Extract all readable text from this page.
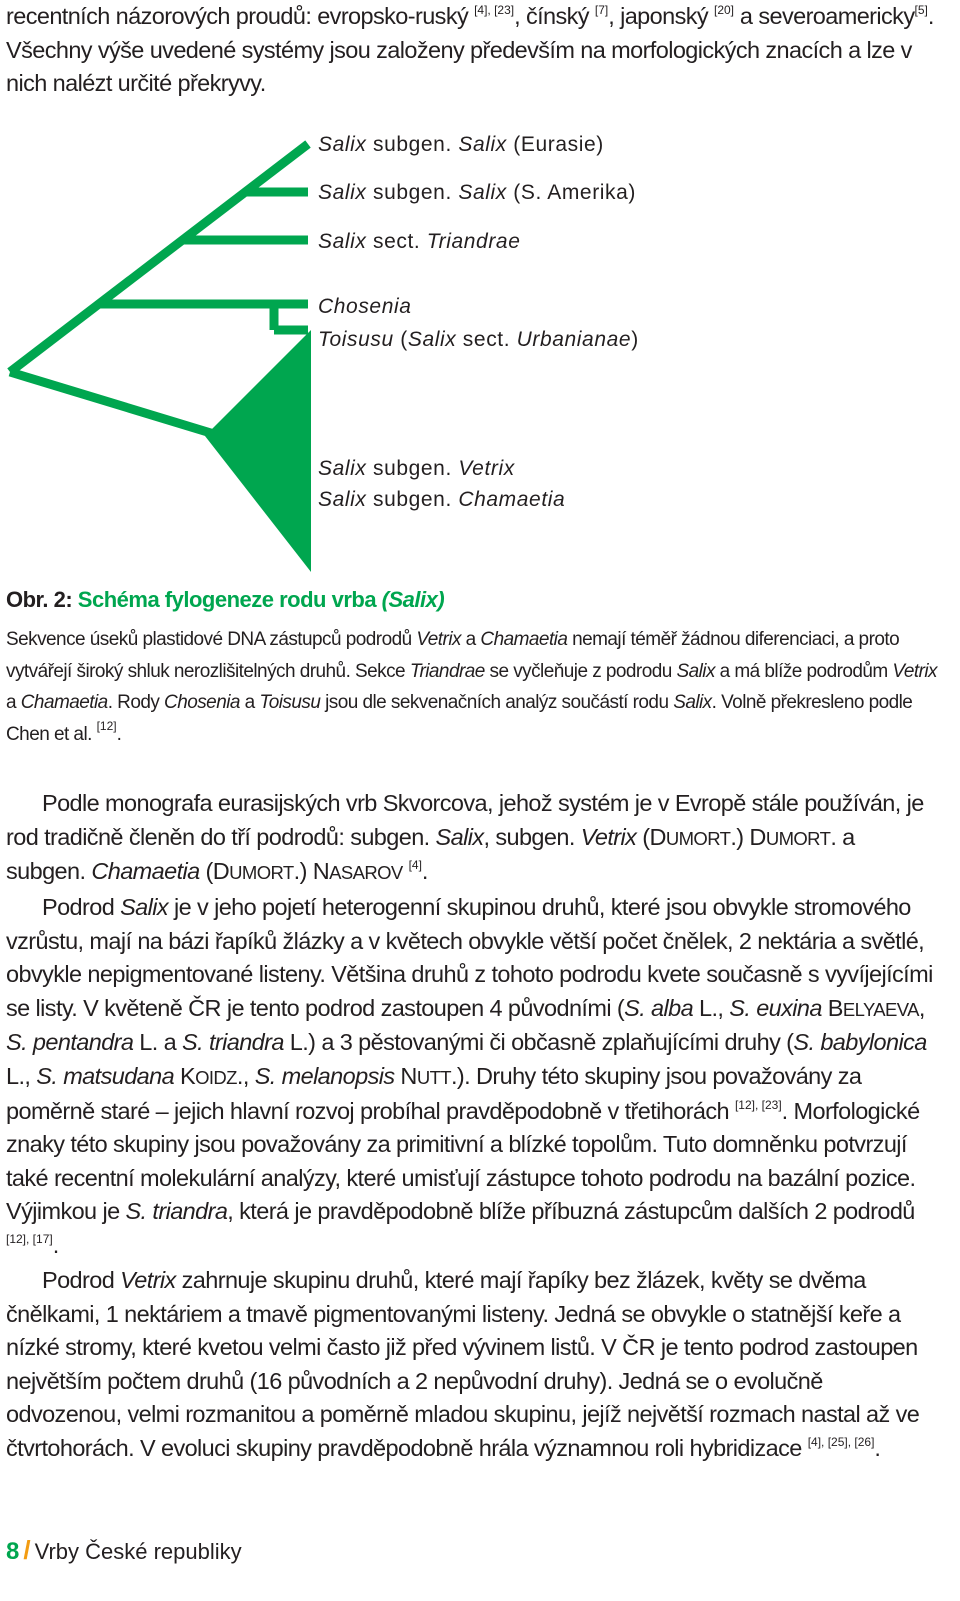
recentních názorových proudů: evropsko-ruský [4], [23], čínský [7], japonský [20] a severoamericky[5]. Všechny výše uvedené systémy jsou založeny především na morfologických znacích a lze v nich nalézt určité překryvy.
Salix subgen. Salix (Eurasie)
Salix subgen. Salix (S. Amerika)
Salix sect. Triandrae
Chosenia
Toisusu (Salix sect. Urbanianae)
Salix subgen. Vetrix
Salix subgen. Chamaetia
Obr. 2: Schéma fylogeneze rodu vrba (Salix)
Sekvence úseků plastidové DNA zástupců podrodů Vetrix a Chamaetia nemají téměř žádnou diferenciaci, a proto vytvářejí široký shluk nerozlišitelných druhů. Sekce Triandrae se vyčleňuje z podrodu Salix a má blíže podrodům Vetrix a Chamaetia. Rody Chosenia a Toisusu jsou dle sekvenačních analýz součástí rodu Salix. Volně překresleno podle Chen et al. [12].
Podle monografa eurasijských vrb Skvorcova, jehož systém je v Evropě stále používán, je rod tradičně členěn do tří podrodů: subgen. Salix, subgen. Vetrix (DUMORT.) DUMORT. a subgen. Chamaetia (DUMORT.) NASAROV [4].
Podrod Salix je v jeho pojetí heterogenní skupinou druhů, které jsou obvykle stromového vzrůstu, mají na bázi řapíků žlázky a v květech obvykle větší počet čnělek, 2 nektária a světlé, obvykle nepigmentované listeny. Většina druhů z tohoto podrodu kvete současně s vyvíjejícími se listy. V květeně ČR je tento podrod zastoupen 4 původními (S. alba L., S. euxina BELYAEVA, S. pentandra L. a S. triandra L.) a 3 pěstovanými či občasně zplaňujícími druhy (S. babylonica L., S. matsudana KOIDZ., S. melanopsis NUTT.). Druhy této skupiny jsou považovány za poměrně staré – jejich hlavní rozvoj probíhal pravděpodobně v třetihorách [12], [23]. Morfologické znaky této skupiny jsou považovány za primitivní a blízké topolům. Tuto domněnku potvrzují také recentní molekulární analýzy, které umisťují zástupce tohoto podrodu na bazální pozice. Výjimkou je S. triandra, která je pravděpodobně blíže příbuzná zástupcům dalších 2 podrodů [12], [17].
Podrod Vetrix zahrnuje skupinu druhů, které mají řapíky bez žlázek, květy se dvěma čnělkami, 1 nektáriem a tmavě pigmentovanými listeny. Jedná se obvykle o statnější keře a nízké stromy, které kvetou velmi často již před vývinem listů. V ČR je tento podrod zastoupen největším počtem druhů (16 původních a 2 nepůvodní druhy). Jedná se o evolučně odvozenou, velmi rozmanitou a poměrně mladou skupinu, jejíž největší rozmach nastal až ve čtvrtohorách. V evoluci skupiny pravděpodobně hrála významnou roli hybridizace [4], [25], [26].
8 / Vrby České republiky
